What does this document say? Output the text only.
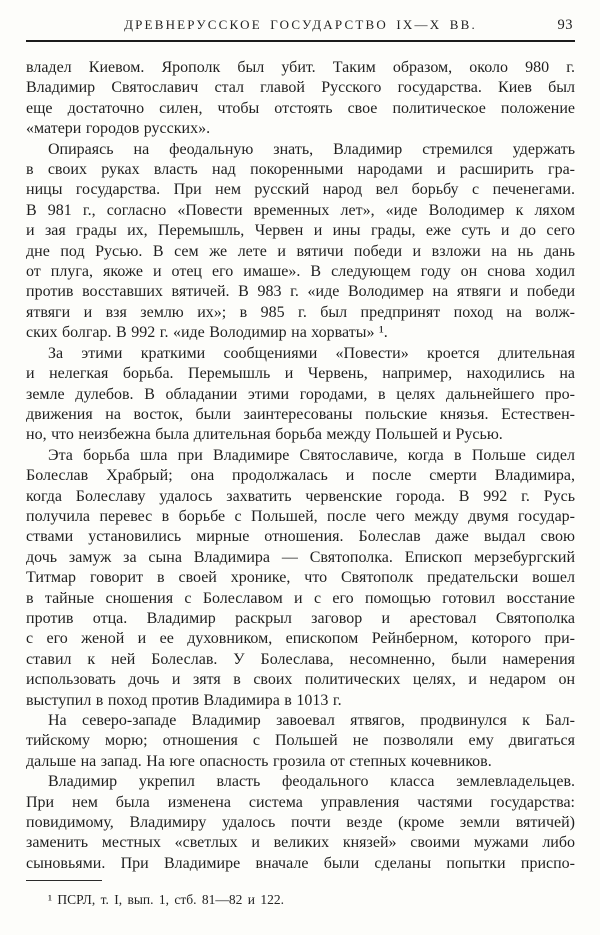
ДРЕВНЕРУССКОЕ ГОСУДАРСТВО IX—X ВВ.	93
владел Киевом. Ярополк был убит. Таким образом, около 980 г.
Владимир Святославич стал главой Русского государства. Киев был
еще достаточно силен, чтобы отстоять свое политическое положение
«матери городов русских».
Опираясь на феодальную знать, Владимир стремился удержать
в своих руках власть над покоренными народами и расширить гра-
ницы государства. При нем русский народ вел борьбу с печенегами.
В 981 г., согласно «Повести временных лет», «иде Володимер к ляхом
и зая грады их, Перемышль, Червен и ины грады, еже суть и до сего
дне под Русью. В сем же лете и вятичи победи и взложи на нь дань
от плуга, якоже и отец его имаше». В следующем году он снова ходил
против восставших вятичей. В 983 г. «иде Володимер на ятвяги и победи
ятвяги и взя землю их»; в 985 г. был предпринят поход на волж-
ских болгар. В 992 г. «иде Володимир на хорваты» ¹.
За этими краткими сообщениями «Повести» кроется длительная
и нелегкая борьба. Перемышль и Червень, например, находились на
земле дулебов. В обладании этими городами, в целях дальнейшего про-
движения на восток, были заинтересованы польские князья. Естествен-
но, что неизбежна была длительная борьба между Польшей и Русью.
Эта борьба шла при Владимире Святославиче, когда в Польше сидел
Болеслав Храбрый; она продолжалась и после смерти Владимира,
когда Болеславу удалось захватить червенские города. В 992 г. Русь
получила перевес в борьбе с Польшей, после чего между двумя государ-
ствами установились мирные отношения. Болеслав даже выдал свою
дочь замуж за сына Владимира — Святополка. Епископ мерзебургский
Титмар говорит в своей хронике, что Святополк предательски вошел
в тайные сношения с Болеславом и с его помощью готовил восстание
против отца. Владимир раскрыл заговор и арестовал Святополка
с его женой и ее духовником, епископом Рейнберном, которого при-
ставил к ней Болеслав. У Болеслава, несомненно, были намерения
использовать дочь и зятя в своих политических целях, и недаром он
выступил в поход против Владимира в 1013 г.
На северо-западе Владимир завоевал ятвягов, продвинулся к Бал-
тийскому морю; отношения с Польшей не позволяли ему двигаться
дальше на запад. На юге опасность грозила от степных кочевников.
Владимир укрепил власть феодального класса землевладельцев.
При нем была изменена система управления частями государства:
повидимому, Владимиру удалось почти везде (кроме земли вятичей)
заменить местных «светлых и великих князей» своими мужами либо
сыновьями. При Владимире вначале были сделаны попытки приспо-
¹ ПСРЛ, т. I, вып. 1, стб. 81—82 и 122.
